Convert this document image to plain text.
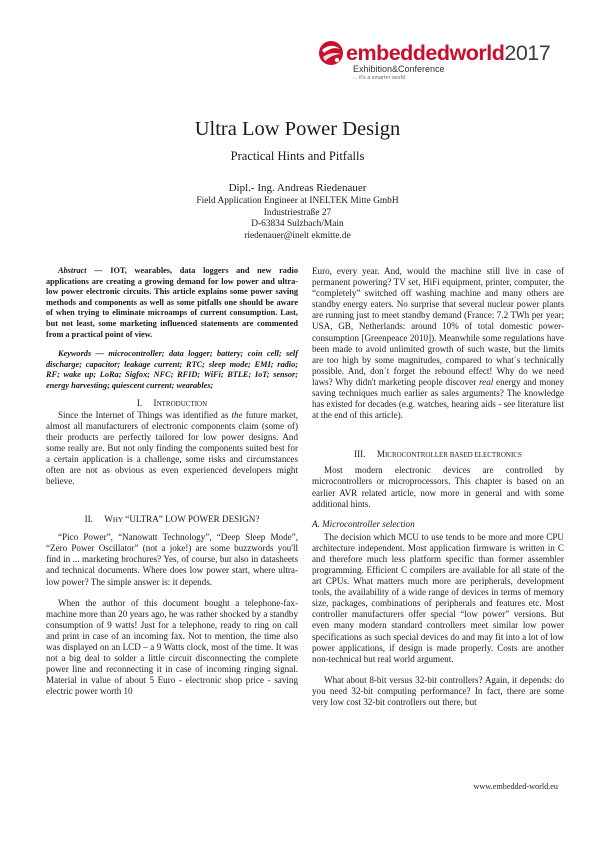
embeddedworld2017
Exhibition&Conference
... it's a smarter world
Ultra Low Power Design
Practical Hints and Pitfalls
Dipl.- Ing. Andreas Riedenauer
Field Application Engineer at INELTEK Mitte GmbH
Industriestraße 27
D-63834 Sulzbach/Main
riedenauer@inelt ekmitte.de

Abstract — IOT, wearables, data loggers and new radio applications are creating a growing demand for low power and ultra-low power electronic circuits. This article explains some power saving methods and components as well as some pitfalls one should be aware of when trying to eliminate microamps of current consumption. Last, but not least, some marketing influenced statements are commented from a practical point of view.

Keywords — microcontroller; data logger; battery; coin cell; self discharge; capacitor; leakage current; RTC; sleep mode; EMI; radio; RF; wake up; LoRa; Sigfox; NFC; RFID; WiFi; BTLE; IoT; sensor; energy harvesting; quiescent current; wearables;

I. INTRODUCTION

Since the Internet of Things was identified as the future market, almost all manufacturers of electronic components claim (some of) their products are perfectly tailored for low power designs. And some really are. But not only finding the components suited best for a certain application is a challenge, some risks and circumstances often are not as obvious as even experienced developers might believe.

II. WHY “ULTRA” LOW POWER DESIGN?

“Pico Power”, “Nanowatt Technology”, “Deep Sleep Mode”, “Zero Power Oscillator” (not a joke!) are some buzzwords you'll find in ... marketing brochures? Yes, of course, but also in datasheets and technical documents. Where does low power start, where ultra-low power? The simple answer is: it depends.

When the author of this document bought a telephone-fax-machine more than 20 years ago, he was rather shocked by a standby consumption of 9 watts! Just for a telephone, ready to ring on call and print in case of an incoming fax. Not to mention, the time also was displayed on an LCD – a 9 Watts clock, most of the time. It was not a big deal to solder a little circuit disconnecting the complete power line and reconnecting it in case of incoming ringing signal. Material in value of about 5 Euro - electronic shop price - saving electric power worth 10

Euro, every year. And, would the machine still live in case of permanent powering? TV set, HiFi equipment, printer, computer, the “completely” switched off washing machine and many others are standby energy eaters. No surprise that several nuclear power plants are running just to meet standby demand (France: 7.2 TWh per year; USA, GB, Netherlands: around 10% of total domestic power- consumption [Greenpeace 2010]). Meanwhile some regulations have been made to avoid unlimited growth of such waste, but the limits are too high by some magnitudes, compared to what´s technically possible. And, don´t forget the rebound effect! Why do we need laws? Why didn't marketing people discover real energy and money saving techniques much earlier as sales arguments? The knowledge has existed for decades (e.g. watches, hearing aids - see literature list at the end of this article).

III. MICROCONTROLLER BASED ELECTRONICS

Most modern electronic devices are controlled by microcontrollers or microprocessors. This chapter is based on an earlier AVR related article, now more in general and with some additional hints.

A. Microcontroller selection

The decision which MCU to use tends to be more and more CPU architecture independent. Most application firmware is written in C and therefore much less platform specific than former assembler programming. Efficient C compilers are available for all state of the art CPUs. What matters much more are peripherals, development tools, the availability of a wide range of devices in terms of memory size, packages, combinations of peripherals and features etc. Most controller manufacturers offer special “low power” versions. But even many modern standard controllers meet similar low power specifications as such special devices do and may fit into a lot of low power applications, if design is made properly. Costs are another non-technical but real world argument.

What about 8-bit versus 32-bit controllers? Again, it depends: do you need 32-bit computing performance? In fact, there are some very low cost 32-bit controllers out there, but

www.embedded-world.eu
